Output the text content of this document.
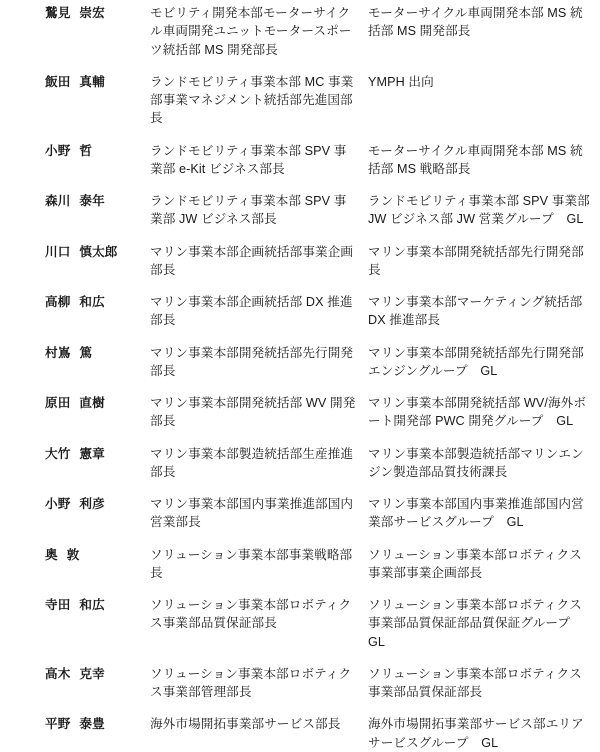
鷲見 崇宏	モビリティ開発本部モーターサイクル車両開発ユニットモータースポーツ統括部 MS 開発部長	モーターサイクル車両開発本部 MS 統括部 MS 開発部長

飯田 真輔	ランドモビリティ事業本部 MC 事業部事業マネジメント統括部先進国部長	YMPH 出向

小野 哲	ランドモビリティ事業本部 SPV 事業部 e-Kit ビジネス部長	モーターサイクル車両開発本部 MS 統括部 MS 戦略部長

森川 泰年	ランドモビリティ事業本部 SPV 事業部 JW ビジネス部長	ランドモビリティ事業本部 SPV 事業部 JW ビジネス部 JW 営業グループ　GL

川口 慎太郎	マリン事業本部企画統括部事業企画部長	マリン事業本部開発統括部先行開発部長

高柳 和広	マリン事業本部企画統括部 DX 推進部長	マリン事業本部マーケティング統括部 DX 推進部長

村嶌 篤	マリン事業本部開発統括部先行開発部長	マリン事業本部開発統括部先行開発部エンジングループ　GL

原田 直樹	マリン事業本部開発統括部 WV 開発部長	マリン事業本部開発統括部 WV/海外ボート開発部 PWC 開発グループ　GL

大竹 憲章	マリン事業本部製造統括部生産推進部長	マリン事業本部製造統括部マリンエンジン製造部品質技術課長

小野 利彦	マリン事業本部国内事業推進部国内営業部長	マリン事業本部国内事業推進部国内営業部サービスグループ　GL

奥 敦	ソリューション事業本部事業戦略部長	ソリューション事業本部ロボティクス事業部事業企画部長

寺田 和広	ソリューション事業本部ロボティクス事業部品質保証部長	ソリューション事業本部ロボティクス事業部品質保証部品質保証グループ　GL

高木 克幸	ソリューション事業本部ロボティクス事業部管理部長	ソリューション事業本部ロボティクス事業部品質保証部長

平野 泰豊	海外市場開拓事業部サービス部長	海外市場開拓事業部サービス部エリアサービスグループ　GL
